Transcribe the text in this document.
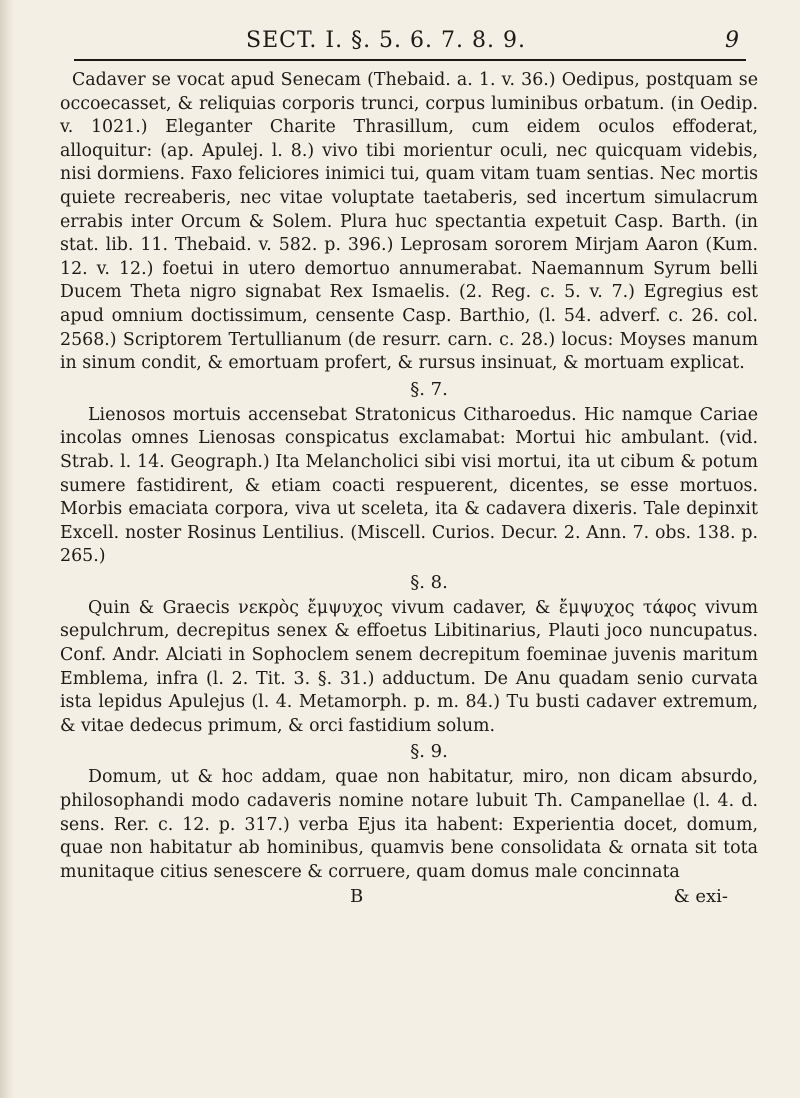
SECT. I. §. 5. 6. 7. 8. 9.	9

Cadaver se vocat apud Senecam (Thebaid. a. 1. v. 36.) Oedipus, postquam se occoecasset, & reliquias corporis trunci, corpus luminibus orbatum. (in Oedip. v. 1021.) Eleganter Charite Thrasillum, cum eidem oculos effoderat, alloquitur: (ap. Apulej. l. 8.) vivo tibi morientur oculi, nec quicquam videbis, nisi dormiens. Faxo feliciores inimici tui, quam vitam tuam sentias. Nec mortis quiete recreaberis, nec vitae voluptate taetaberis, sed incertum simulacrum errabis inter Orcum & Solem. Plura huc spectantia expetuit Casp. Barth. (in stat. lib. 11. Thebaid. v. 582. p. 396.) Leprosam sororem Mirjam Aaron (Kum. 12. v. 12.) foetui in utero demortuo annumerabat. Naemannum Syrum belli Ducem Theta nigro signabat Rex Ismaelis. (2. Reg. c. 5. v. 7.) Egregius est apud omnium doctissimum, censente Casp. Barthio, (l. 54. adverf. c. 26. col. 2568.) Scriptorem Tertullianum (de resurr. carn. c. 28.) locus: Moyses manum in sinum condit, & emortuam profert, & rursus insinuat, & mortuam explicat.

§. 7.

Lienosos mortuis accensebat Stratonicus Citharoedus. Hic namque Cariae incolas omnes Lienosas conspicatus exclamabat: Mortui hic ambulant. (vid. Strab. l. 14. Geograph.) Ita Melancholici sibi visi mortui, ita ut cibum & potum sumere fastidirent, & etiam coacti respuerent, dicentes, se esse mortuos. Morbis emaciata corpora, viva ut sceleta, ita & cadavera dixeris. Tale depinxit Excell. noster Rosinus Lentilius. (Miscell. Curios. Decur. 2. Ann. 7. obs. 138. p. 265.)

§. 8.

Quin & Graecis νεκρὸς ἔμψυχος vivum cadaver, & ἔμψυχος τάφος vivum sepulchrum, decrepitus senex & effoetus Libitinarius, Plauti joco nuncupatus. Conf. Andr. Alciati in Sophoclem senem decrepitum foeminae juvenis maritum Emblema, infra (l. 2. Tit. 3. §. 31.) adductum. De Anu quadam senio curvata ista lepidus Apulejus (l. 4. Metamorph. p. m. 84.) Tu busti cadaver extremum, & vitae dedecus primum, & orci fastidium solum.

§. 9.

Domum, ut & hoc addam, quae non habitatur, miro, non dicam absurdo, philosophandi modo cadaveris nomine notare lubuit Th. Campanellae (l. 4. d. sens. Rer. c. 12. p. 317.) verba Ejus ita habent: Experientia docet, domum, quae non habitatur ab hominibus, quamvis bene consolidata & ornata sit tota munitaque citius senescere & corruere, quam domus male concinnata

B	& exi-
